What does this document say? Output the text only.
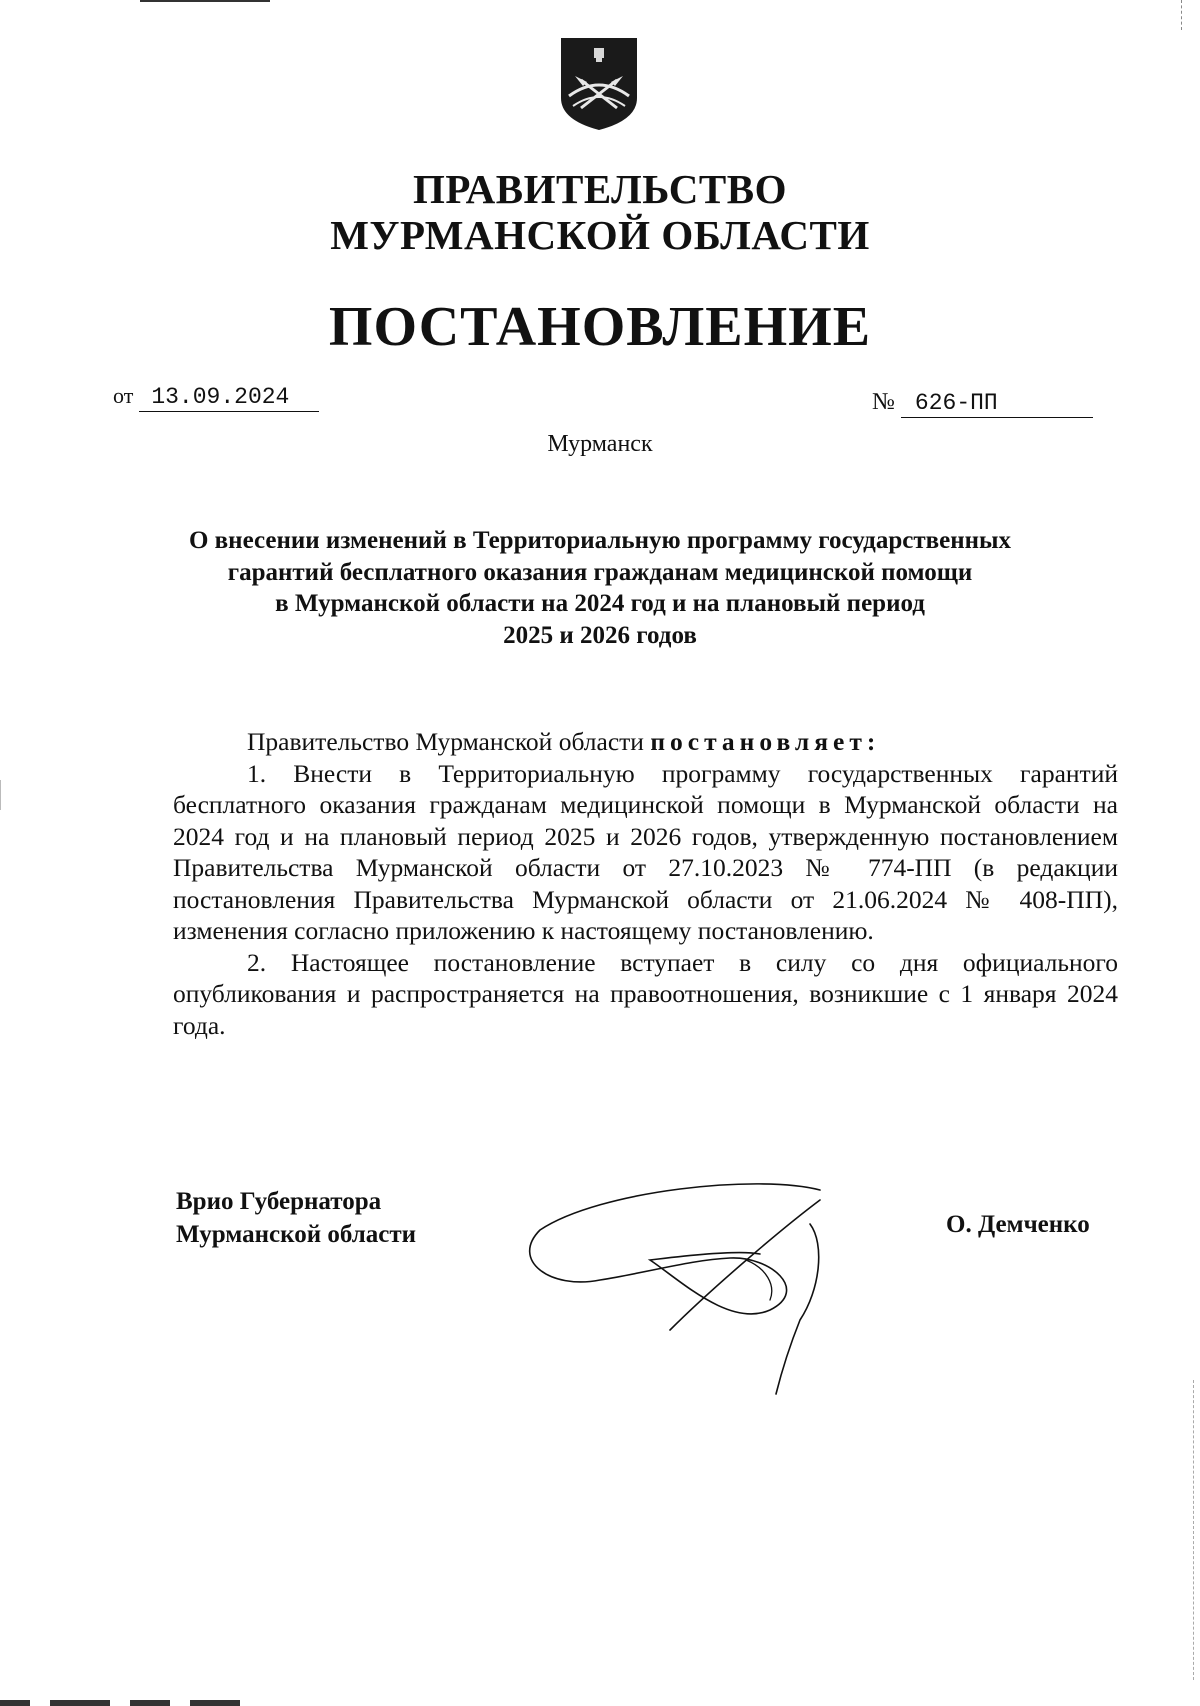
ПРАВИТЕЛЬСТВО
МУРМАНСКОЙ ОБЛАСТИ
ПОСТАНОВЛЕНИЕ
от 13.09.2024	№ 626-ПП
Мурманск
О внесении изменений в Территориальную программу государственных
гарантий бесплатного оказания гражданам медицинской помощи
в Мурманской области на 2024 год и на плановый период
2025 и 2026 годов

Правительство Мурманской области постановляет:

1. Внести в Территориальную программу государственных гарантий бесплатного оказания гражданам медицинской помощи в Мурманской области на 2024 год и на плановый период 2025 и 2026 годов, утвержденную постановлением Правительства Мурманской области от 27.10.2023 № 774-ПП (в редакции постановления Правительства Мурманской области от 21.06.2024 № 408-ПП), изменения согласно приложению к настоящему постановлению.

2. Настоящее постановление вступает в силу со дня официального опубликования и распространяется на правоотношения, возникшие с 1 января 2024 года.

Врио Губернатора
Мурманской области	О. Демченко
